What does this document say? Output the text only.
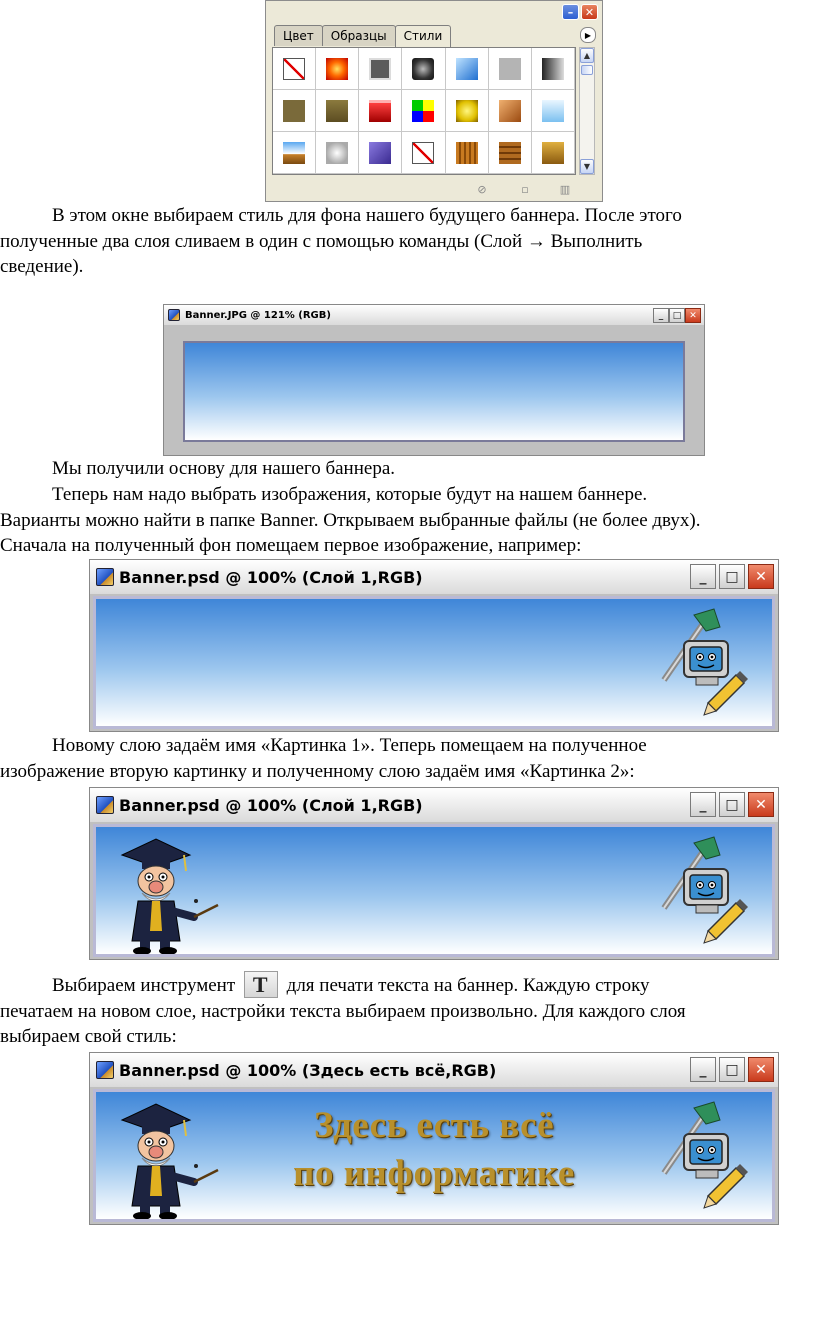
–	✕
Цвет	Образцы	Стили	▶
▲
▼
⊘	▫	▥
В этом окне выбираем стиль для фона нашего будущего баннера. После этого
полученные два слоя сливаем в один с помощью команды (Слой → Выполнить
сведение).
Banner.JPG @ 121% (RGB)	_	□ ✕
Мы получили основу для нашего баннера.
Теперь нам надо выбрать изображения, которые будут на нашем баннере.
Варианты можно найти в папке Banner. Открываем выбранные файлы (не более двух).
Сначала на полученный фон помещаем первое изображение, например:
Banner.psd @ 100% (Слой 1,RGB)	_	□	✕
Новому слою задаём имя «Картинка 1». Теперь помещаем на полученное
изображение вторую картинку и полученному слою задаём имя «Картинка 2»:
Banner.psd @ 100% (Слой 1,RGB)	_	□	✕
Выбираем инструмент T для печати текста на баннер. Каждую строку
печатаем на новом слое, настройки текста выбираем произвольно. Для каждого слоя
выбираем свой стиль:
Banner.psd @ 100% (Здесь есть всё,RGB)	_	□	✕
Здесь есть всё
по информатике
